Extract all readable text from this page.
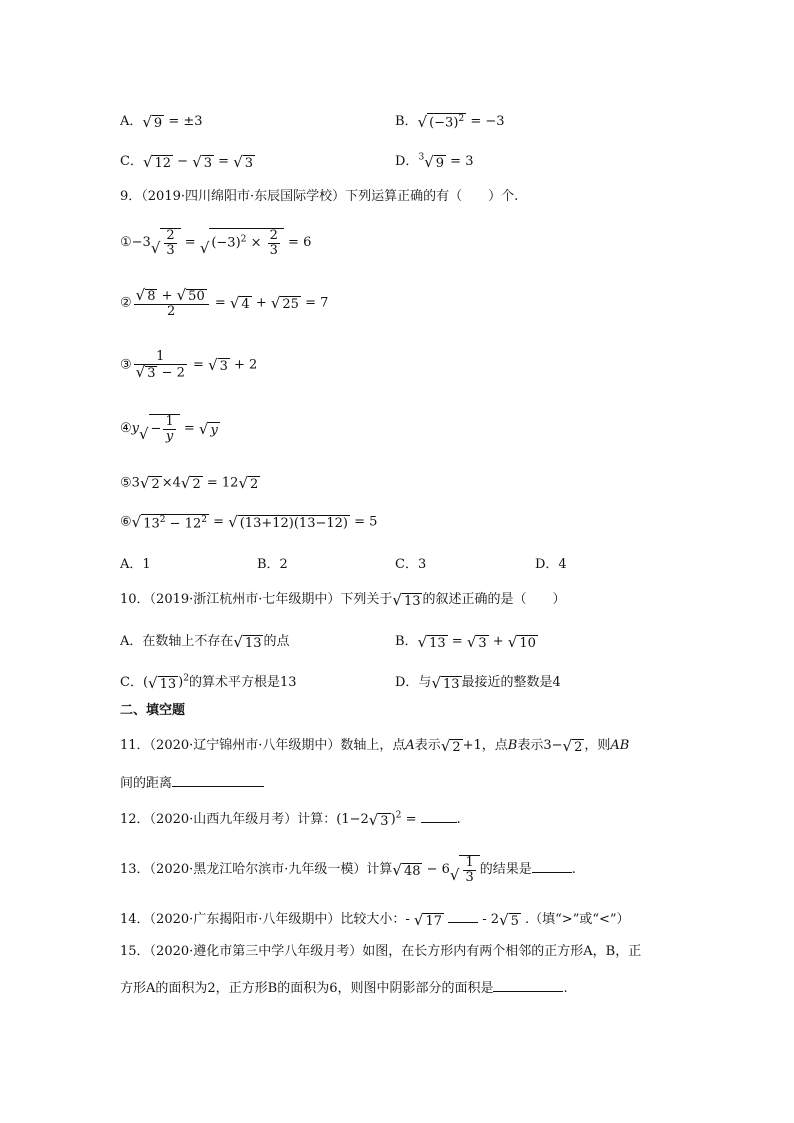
A．√ 9 = ±3	B．√ $(-3)^2 = -3$
C．√ 12 − √ 3 = √ 3	D．$^3$√ 9 = 3
9．（2019·四川绵阳市·东辰国际学校）下列运算正确的有（　　）个.
①−3√ $\frac{2}{3}$ = √ $(-3)^2 \times \frac{2}{3} = 6$
② $\frac{√ 8 + √ 50}{2}$ = √ 4 + √ 25 = 7
③ $\frac{1}{√ 3 - 2}$ = √ 3 + 2
④y√ − $\frac{1}{y}$ = √ y
⑤3√ 2 ×4√ 2 = 12√ 2
⑥√ $13^2 - 12^2$ = √ (13+12)(13−12) = 5
A．1	B．2	C．3	D．4
10．（2019·浙江杭州市·七年级期中）下列关于√ 13 的叙述正确的是（　　）
A．在数轴上不存在√ 13 的点	B．√ 13 = √ 3 + √ 10
C．(√ 13 )$^2$的算术平方根是13	D．与√ 13 最接近的整数是4
二、填空题
11．（2020·辽宁锦州市·八年级期中）数轴上，点A表示√ 2 +1，点B表示3−√ 2 ，则AB
间的距离
12．（2020·山西九年级月考）计算：(1−2√ 3 )$^2$ =	.
13．（2020·黑龙江哈尔滨市·九年级一模）计算√ $48 - 6√ \frac{1}{3}$ 的结果是	.
14．（2020·广东揭阳市·八年级期中）比较大小：- √ 17	- 2√ 5 .（填“>”或“<”）
15．（2020·遵化市第三中学八年级月考）如图，在长方形内有两个相邻的正方形A，B，正
方形A的面积为2，正方形B的面积为6，则图中阴影部分的面积是	.
